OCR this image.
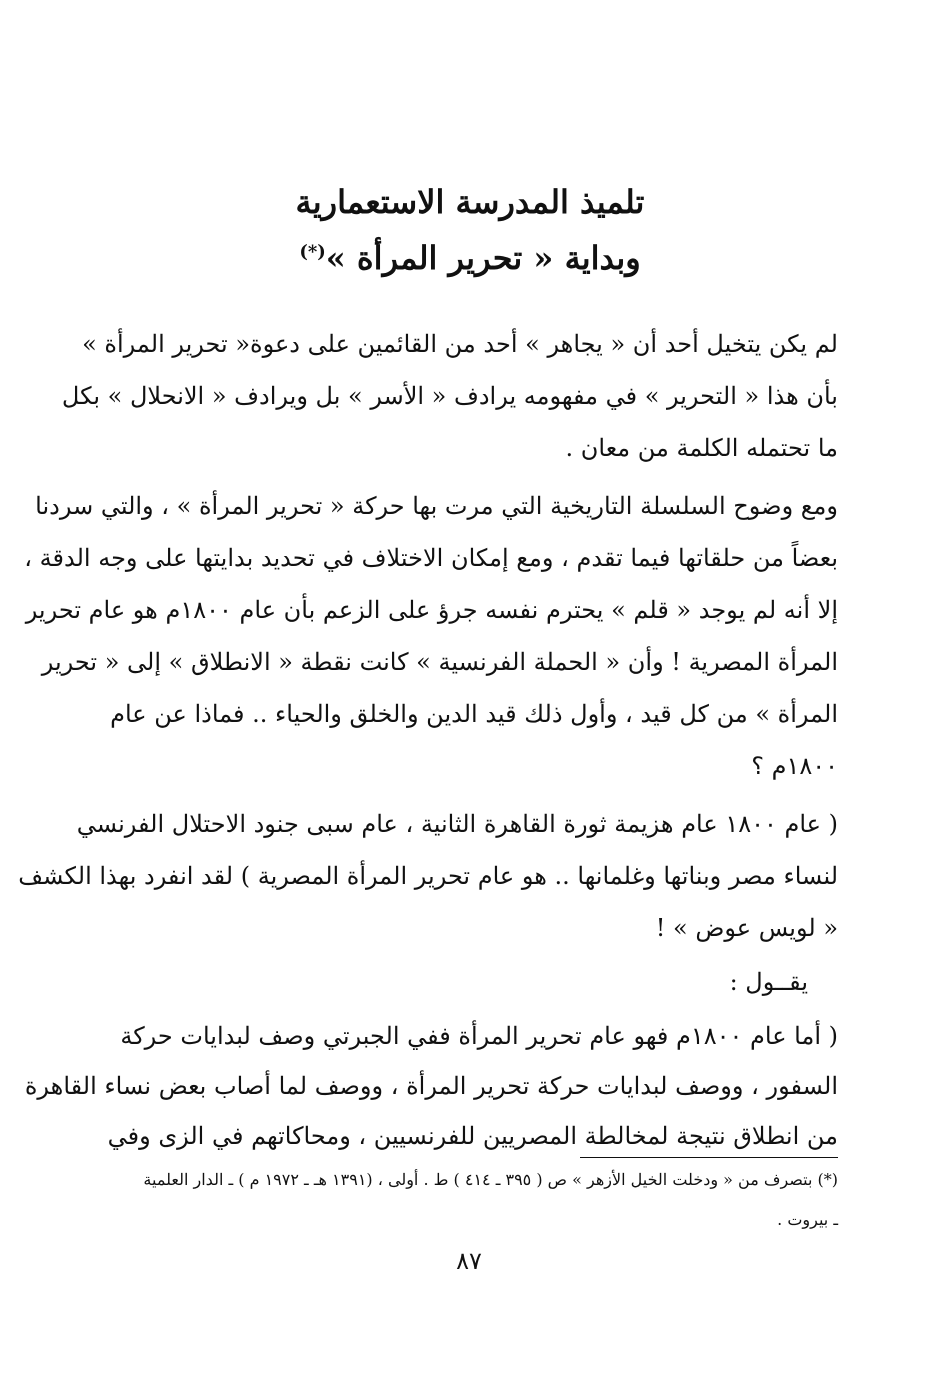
تلميذ المدرسة الاستعمارية
وبداية « تحرير المرأة »(*)
لم يكن يتخيل أحد أن « يجاهر » أحد من القائمين على دعوة« تحرير المرأة »
بأن هذا « التحرير » في مفهومه يرادف « الأسر » بل ويرادف « الانحلال » بكل
ما تحتمله الكلمة من معان .
ومع وضوح السلسلة التاريخية التي مرت بها حركة « تحرير المرأة » ، والتي سردنا
بعضاً من حلقاتها فيما تقدم ، ومع إمكان الاختلاف في تحديد بدايتها على وجه الدقة ،
إلا أنه لم يوجد « قلم » يحترم نفسه جرؤ على الزعم بأن عام ١٨٠٠م هو عام تحرير
المرأة المصرية ! وأن « الحملة الفرنسية » كانت نقطة « الانطلاق » إلى « تحرير
المرأة » من كل قيد ، وأول ذلك قيد الدين والخلق والحياء .. فماذا عن عام
١٨٠٠م ؟
( عام ١٨٠٠ عام هزيمة ثورة القاهرة الثانية ، عام سبى جنود الاحتلال الفرنسي
لنساء مصر وبناتها وغلمانها .. هو عام تحرير المرأة المصرية ) لقد انفرد بهذا الكشف
« لويس عوض » !
يقــول :
( أما عام ١٨٠٠م فهو عام تحرير المرأة ففي الجبرتي وصف لبدايات حركة
السفور ، ووصف لبدايات حركة تحرير المرأة ، ووصف لما أصاب بعض نساء القاهرة
من انطلاق نتيجة لمخالطة المصريين للفرنسيين ، ومحاكاتهم في الزى وفي
(*) بتصرف من « ودخلت الخيل الأزهر » ص ( ٣٩٥ ـ ٤١٤ ) ط . أولى ، (١٣٩١ هـ ـ ١٩٧٢ م ) ـ الدار العلمية
ـ بيروت .
٨٧
